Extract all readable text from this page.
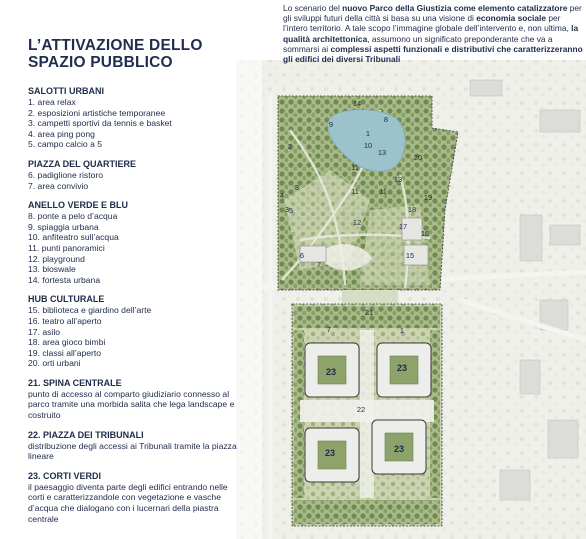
14
8
9
1
10
13
20
2
11
11
13
3	11
4
3
19
5	18
12	17
16
6	15
7
21
7	1
23	23
22
23	23
L’ATTIVAZIONE DELLO SPAZIO PUBBLICO
Lo scenario del nuovo Parco della Giustizia come elemento catalizzatore per gli sviluppi futuri della città si basa su una visione di economia sociale per l’intero territorio. A tale scopo l’immagine globale dell’intervento e, non ultima, la qualità architettonica, assumono un significato preponderante che va a sommarsi ai complessi aspetti funzionali e distributivi che caratterizzeranno gli edifici dei diversi Tribunali
SALOTTI URBANI
1. area relax
2. esposizioni artistiche temporanee
3. campetti sportivi da tennis e basket
4. area ping pong
5. campo calcio a 5
PIAZZA DEL QUARTIERE
6. padiglione ristoro
7. area convivio
ANELLO VERDE E BLU
8. ponte a pelo d’acqua
9. spiaggia urbana
10. anfiteatro sull’acqua
11. punti panoramici
12. playground
13. bioswale
14. fortesta urbana
HUB CULTURALE
15. biblioteca e giardino dell’arte
16. teatro all’aperto
17. asilo
18. area gioco bimbi
19. classi all’aperto
20. orti urbani
21. SPINA CENTRALE
punto di accesso al comparto giudiziario connesso al parco tramite una morbida salita che lega landscape e costruito
22. PIAZZA DEI TRIBUNALI
distribuzione degli accessi ai Tribunali tramite la piazza lineare
23. CORTI VERDI
il paesaggio diventa parte degli edifici entrando nelle corti e caratterizzandole con vegetazione e vasche d’acqua che dialogano con i lucernari della piastra centrale
